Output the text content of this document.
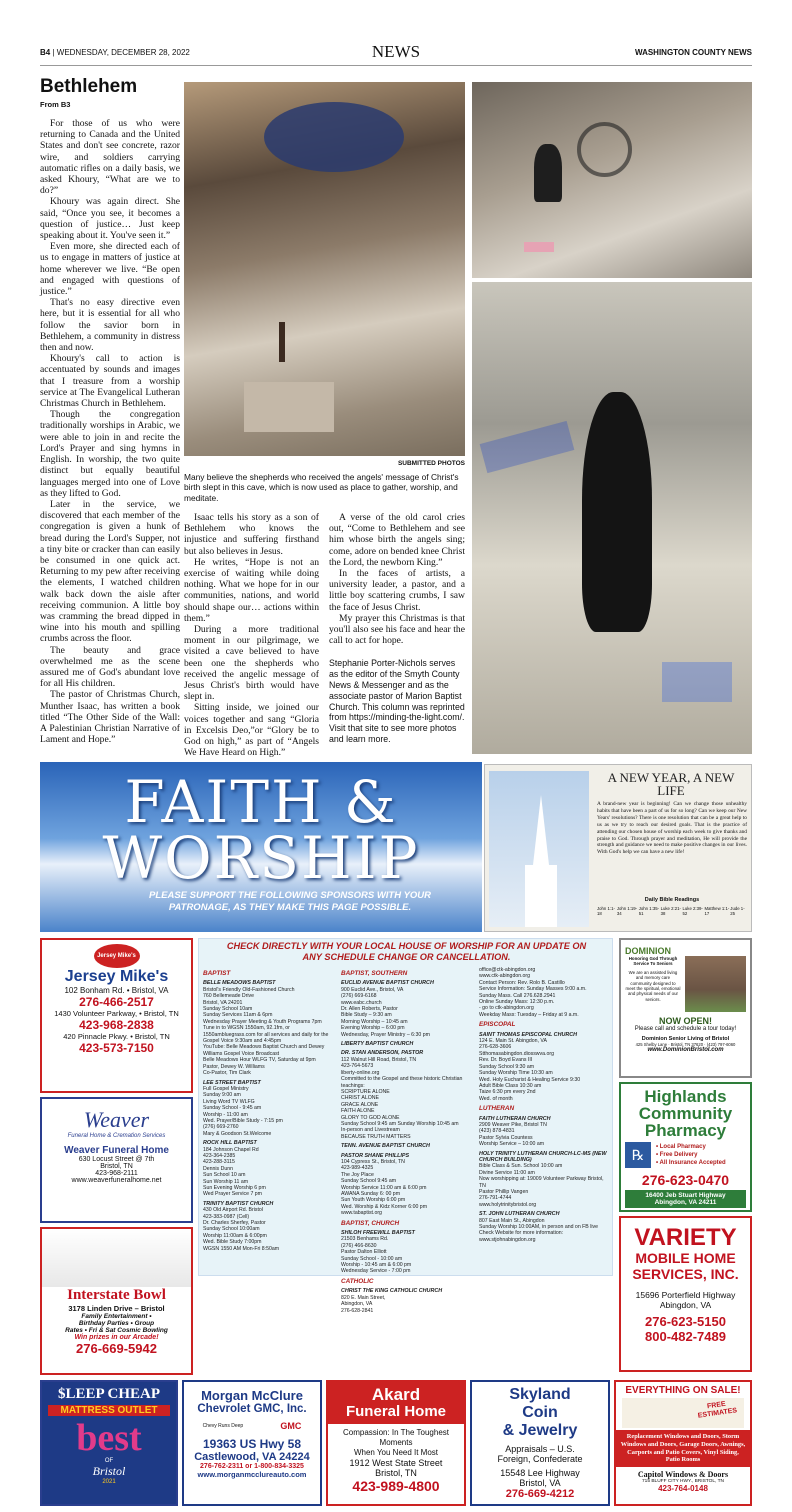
B4 | WEDNESDAY, DECEMBER 28, 2022	NEWS	WASHINGTON COUNTY NEWS
Bethlehem
From B3

For those of us who were returning to Canada and the United States and don't see concrete, razor wire, and soldiers carrying automatic rifles on a daily basis, we asked Khoury, “What are we to do?”

Khoury was again direct. She said, “Once you see, it becomes a question of justice… Just keep speaking about it. You've seen it.”

Even more, she directed each of us to engage in matters of justice at home wherever we live. “Be open and engaged with questions of justice.”

That's no easy directive even here, but it is essential for all who follow the savior born in Bethlehem, a community in distress then and now.

Khoury's call to action is accentuated by sounds and images that I treasure from a worship service at The Evangelical Lutheran Christmas Church in Bethlehem.

Though the congregation traditionally worships in Arabic, we were able to join in and recite the Lord's Prayer and sing hymns in English. In worship, the two quite distinct but equally beautiful languages merged into one of Love as they lifted to God.

Later in the service, we discovered that each member of the congregation is given a hunk of bread during the Lord's Supper, not a tiny bite or cracker than can easily be consumed in one quick act. Returning to my pew after receiving the elements, I watched children walk back down the aisle after receiving communion. A little boy was cramming the bread dipped in wine into his mouth and spilling crumbs across the floor.

The beauty and grace overwhelmed me as the scene assured me of God's abundant love for all His children.

The pastor of Christmas Church, Munther Isaac, has written a book titled “The Other Side of the Wall: A Palestinian Christian Narrative of Lament and Hope.”

SUBMITTED PHOTOS
Many believe the shepherds who received the angels' message of Christ's birth slept in this cave, which is now used as place to gather, worship, and meditate.

Isaac tells his story as a son of Bethlehem who knows the injustice and suffering firsthand but also believes in Jesus.

He writes, “Hope is not an exercise of waiting while doing nothing. What we hope for in our communities, nations, and world should shape our… actions within them.”

During a more traditional moment in our pilgrimage, we visited a cave believed to have been one the shepherds who received the angelic message of Jesus Christ's birth would have slept in.

Sitting inside, we joined our voices together and sang “Gloria in Excelsis Deo,”or “Glory be to God on high,” as part of “Angels We Have Heard on High.”

A verse of the old carol cries out, “Come to Bethlehem and see him whose birth the angels sing; come, adore on bended knee Christ the Lord, the newborn King.”

In the faces of artists, a university leader, a pastor, and a little boy scattering crumbs, I saw the face of Jesus Christ.

My prayer this Christmas is that you'll also see his face and hear the call to act for hope.

Stephanie Porter-Nichols serves as the editor of the Smyth County News & Messenger and as the associate pastor of Marion Baptist Church. This column was reprinted from https://minding-the-light.com/. Visit that site to see more photos and learn more.
FAITH &
WORSHIP
PLEASE SUPPORT THE FOLLOWING SPONSORS WITH YOUR PATRONAGE, AS THEY MAKE THIS PAGE POSSIBLE.
A NEW YEAR, A NEW LIFE
A brand-new year is beginning! Can we change those unhealthy habits that have been a part of us for so long? Can we keep our New Years' resolutions? There is one resolution that can be a great help to us as we try to reach our desired goals. That is the practice of attending our chosen house of worship each week to give thanks and praise to God. Through prayer and meditation, He will provide the strength and guidance we need to make positive changes in our lives. With God's help we can have a new life!
Daily Bible Readings
John 1:1-18
John 1:19-34
John 1:35-51
Luke 2:21-38
Luke 2:39-52
Matthew 1:1-17
Jude 1-25
CHECK DIRECTLY WITH YOUR LOCAL HOUSE OF WORSHIP FOR AN UPDATE ON ANY SCHEDULE CHANGE OR CANCELLATION.
BAPTIST
BELLE MEADOWS BAPTIST
Bristol's Friendly Old-Fashioned Church
760 Bellemeade Drive
Bristol, VA 24201
Sunday School 10am
Sunday Services 11am & 6pm
Wednesday Prayer Meeting & Youth Programs 7pm
Tune in to WGSN 1550am, 92.1fm, or 1550ambluegrass.com for all services and daily for the Gospel Voice 9:30am and 4:45pm
YouTube: Belle Meadows Baptist Church and Dewey Williams Gospel Voice Broadcast
Belle Meadows Hour WLFG TV, Saturday at 9pm
Pastor, Dewey W. Williams
Co-Pastor, Tim Clark
LEE STREET BAPTIST
Full Gospel Ministry
Sunday 9:00 am
Living Word TV WLFG
Sunday School - 9:45 am
Worship - 11:00 am
Wed. Prayer/Bible Study - 7:15 pm
(276) 669-2760
Mary & Goodson St.Welcome
ROCK HILL BAPTIST
184 Johnson Chapel Rd
423-364-2385
423-288-3115
Dennis Dunn
Sun School 10 am
Sun Worship 11 am
Sun Evening Worship 6 pm
Wed Prayer Service 7 pm
TRINITY BAPTIST CHURCH
430 Old Airport Rd. Bristol
423-383-0987 (Cell)
Dr. Charles Sherfey, Pastor
Sunday School 10:00am
Worship 11:00am & 6:00pm
Wed. Bible Study 7:00pm
WGSN 1550 AM Mon-Fri 8:50am
BAPTIST, SOUTHERN
EUCLID AVENUE BAPTIST CHURCH
900 Euclid Ave., Bristol, VA
(276) 669-6168
www.eabc.church
Dr. Allen Roberts, Pastor
Bible Study – 9:30 am
Morning Worship – 10:45 am
Evening Worship – 6:00 pm
Wednesday, Prayer Ministry – 6:30 pm
LIBERTY BAPTIST CHURCH
DR. STAN ANDERSON, PASTOR
112 Walnut Hill Road, Bristol, TN
423-764-5673
liberty-online.org
Committed to the Gospel and these historic Christian teachings:
SCRIPTURE ALONE
CHRIST ALONE
GRACE ALONE
FAITH ALONE
GLORY TO GOD ALONE
Sunday School 9:45 am Sunday Worship 10:45 am
In-person and Livestream
BECAUSE TRUTH MATTERS
TENN. AVENUE BAPTIST CHURCH
PASTOR SHANE PHILLIPS
104 Cypress St., Bristol, TN
423-989-4325
The Joy Place
Sunday School 9:45 am
Worship Service 11:00 am & 6:00 pm
AWANA Sunday 6: 00 pm
Sun Youth Worship 6:00 pm
Wed. Worship & Kidz Korner 6:00 pm
www.tabaptist.org
BAPTIST, CHURCH
SHILOH FREEWILL BAPTIST
21503 Benhams Rd.
(276) 466-8630
Pastor Dalton Elliott
Sunday School - 10:00 am
Worship - 10:45 am & 6:00 pm
Wednesday Service - 7:00 pm
CATHOLIC
CHRIST THE KING CATHOLIC CHURCH
820 E. Main Street,
Abingdon, VA
276-628-2841
office@ctk-abingdon.org
www.ctk-abingdon.org
Contact Person: Rev. Rolo B. Castillo
Service Information: Sunday Masses 9:00 a.m.
Sunday Mass. Call 276.628.2941
Online Sunday Mass: 12:30 p.m.
- go to ctk-abingdon.org
Weekday Mass: Tuesday – Friday at 9 a.m.
EPISCOPAL
SAINT THOMAS EPISCOPAL CHURCH
124 E. Main St. Abingdon, VA
276-628-3606
Stthomasabingdon.diosswva.org
Rev. Dr. Boyd Evans III
Sunday School 9:30 am
Sunday Worship Time 10:30 am
Wed. Holy Eucharist & Healing Service 9:30
Adult Bible Class 10:30 am
Taize 6:30 pm every 2nd
Wed. of month
LUTHERAN
FAITH LUTHERAN CHURCH
2909 Weaver Pike, Bristol TN
(423) 878-4831
Pastor Sylvia Countess
Worship Service – 10:00 am
HOLY TRINITY LUTHERAN CHURCH-LC-MS (NEW CHURCH BUILDING)
Bible Class & Sun. School 10:00 am
Divine Service 11:00 am
Now worshipping at: 19009 Volunteer Parkway Bristol, TN
Pastor Phillip Vangen
276-791-4744
www.holytrinitybristol.org
ST. JOHN LUTHERAN CHURCH
807 East Main St., Abingdon
Sunday Worship 10:00AM, in person and on FB live
Check Website for more information:
www.stjohnabingdon.org
Jersey Mike's
Jersey Mike's
102 Bonham Rd. • Bristol, VA
276-466-2517
1430 Volunteer Parkway, • Bristol, TN
423-968-2838
420 Pinnacle Pkwy. • Bristol, TN
423-573-7150
Weaver
Funeral Home & Cremation Services
Weaver Funeral Home
630 Locust Street @ 7th
Bristol, TN
423-968-2111
www.weaverfuneralhome.net
Interstate Bowl
3178 Linden Drive – Bristol
Family Entertainment •
Birthday Parties • Group
Rates • Fri & Sat Cosmic Bowling
Win prizes in our Arcade!
276-669-5942
DOMINION
Honoring God Through Service To Seniors
We are an assisted living and memory care community designed to meet the spiritual, emotional and physical needs of our seniors.
NOW OPEN!
Please call and schedule a tour today!
Dominion Senior Living of Bristol
425 Shelby Lane · Bristol, TN 37620 · (423) 797-6060
www.DominionBristol.com
Highlands
Community
Pharmacy
℞	• Local Pharmacy
• Free Delivery
• All Insurance Accepted
276-623-0470
16400 Jeb Stuart Highway
Abingdon, VA 24211
VARIETY
MOBILE HOME
SERVICES, INC.
15696 Porterfield Highway
Abingdon, VA
276-623-5150
800-482-7489
$LEEP CHEAP
MATTRESS OUTLET
best
OF
Bristol
2021
Morgan McClure
Chevrolet GMC, Inc.
Chevy Runs Deep	GMC
19363 US Hwy 58
Castlewood, VA 24224
276-762-2311 or 1-800-834-3325
www.morganmcclureauto.com
Akard
Funeral Home
Compassion: In The Toughest
Moments
When You Need It Most
1912 West State Street
Bristol, TN
423-989-4800
Skyland
Coin
& Jewelry
Appraisals – U.S.
Foreign, Confederate
15548 Lee Highway
Bristol, VA
276-669-4212
EVERYTHING ON SALE!
FREE ESTIMATES
Replacement Windows and Doors, Storm Windows and Doors, Garage Doors, Awnings, Carports and Patio Covers, Vinyl Siding, Patio Rooms
Capitol Windows & Doors
715 BLUFF CITY HWY., BRISTOL, TN
423-764-0148
